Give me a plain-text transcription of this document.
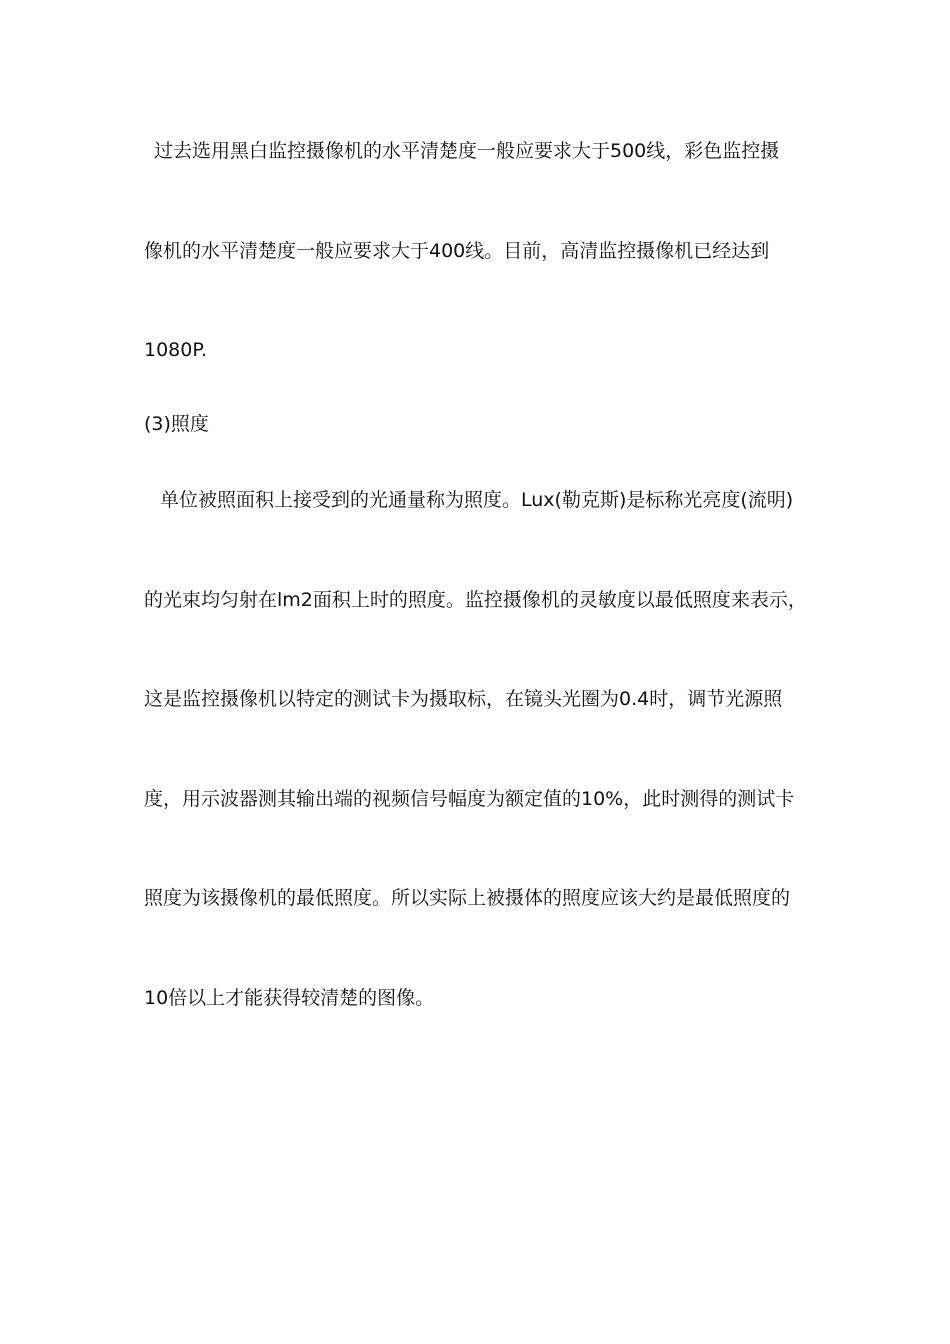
过去选用黑白监控摄像机的水平清楚度一般应要求大于500线，彩色监控摄
像机的水平清楚度一般应要求大于400线。目前，高清监控摄像机已经达到
1080P.
(3)照度
单位被照面积上接受到的光通量称为照度。Lux(勒克斯)是标称光亮度(流明)
的光束均匀射在lm2面积上时的照度。监控摄像机的灵敏度以最低照度来表示，
这是监控摄像机以特定的测试卡为摄取标，在镜头光圈为0.4时，调节光源照
度，用示波器测其输出端的视频信号幅度为额定值的10%，此时测得的测试卡
照度为该摄像机的最低照度。所以实际上被摄体的照度应该大约是最低照度的
10倍以上才能获得较清楚的图像。
